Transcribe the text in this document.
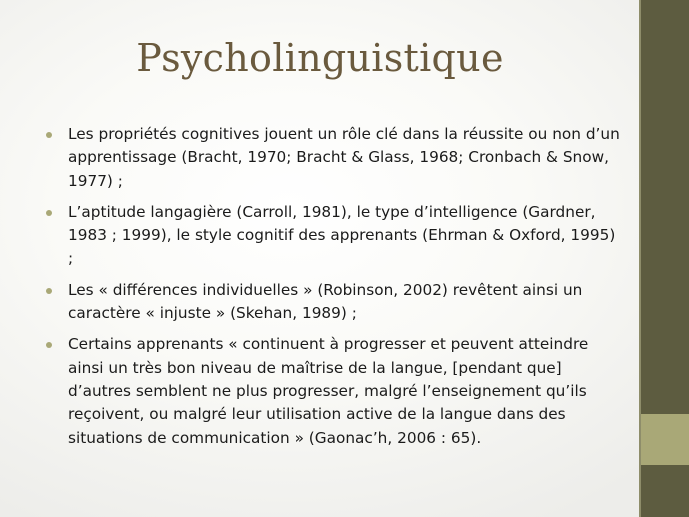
Psycholinguistique
Les propriétés cognitives jouent un rôle clé dans la réussite ou non d’un apprentissage (Bracht, 1970; Bracht & Glass, 1968; Cronbach & Snow, 1977) ;
L’aptitude langagière (Carroll, 1981), le type d’intelligence (Gardner, 1983 ; 1999), le style cognitif des apprenants (Ehrman & Oxford, 1995) ;
Les « différences individuelles » (Robinson, 2002) revêtent ainsi un caractère « injuste » (Skehan, 1989) ;
Certains apprenants « continuent à progresser et peuvent atteindre ainsi un très bon niveau de maîtrise de la langue, [pendant que] d’autres semblent ne plus progresser, malgré l’enseignement qu’ils reçoivent, ou malgré leur utilisation active de la langue dans des situations de communication » (Gaonac’h, 2006 : 65).
